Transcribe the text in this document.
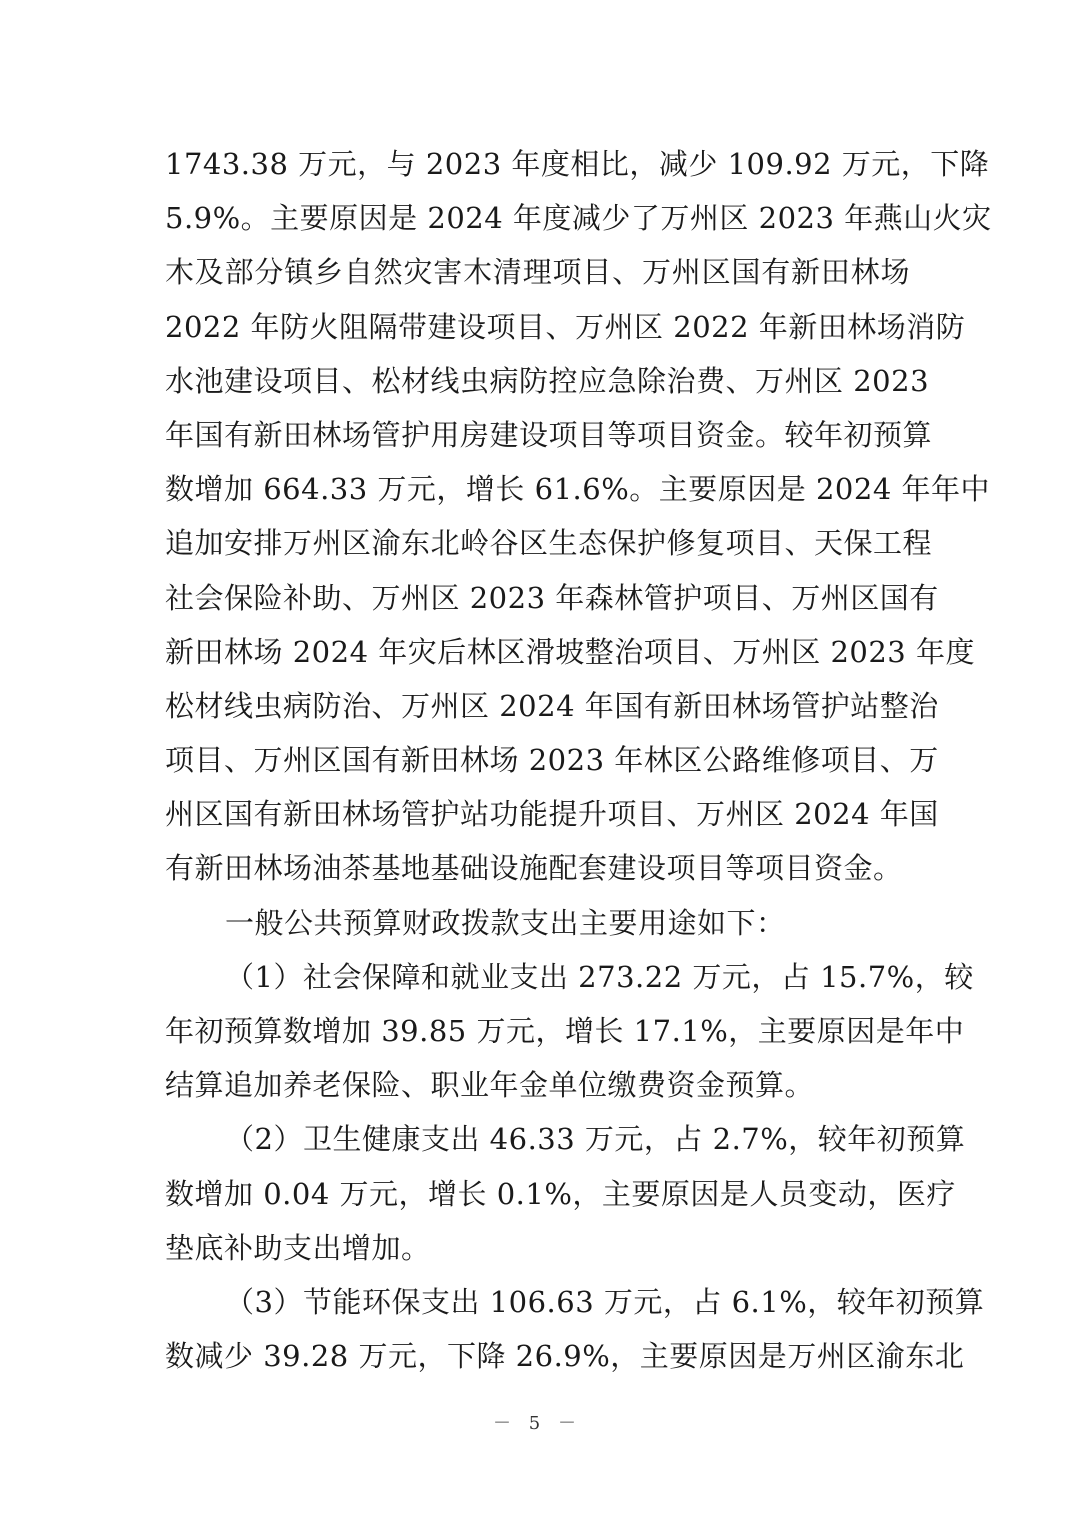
1743.38 万元，与 2023 年度相比，减少 109.92 万元，下降
5.9%。主要原因是 2024 年度减少了万州区 2023 年燕山火灾
木及部分镇乡自然灾害木清理项目、万州区国有新田林场
2022 年防火阻隔带建设项目、万州区 2022 年新田林场消防
水池建设项目、松材线虫病防控应急除治费、万州区 2023
年国有新田林场管护用房建设项目等项目资金。较年初预算
数增加 664.33 万元，增长 61.6%。主要原因是 2024 年年中
追加安排万州区渝东北岭谷区生态保护修复项目、天保工程
社会保险补助、万州区 2023 年森林管护项目、万州区国有
新田林场 2024 年灾后林区滑坡整治项目、万州区 2023 年度
松材线虫病防治、万州区 2024 年国有新田林场管护站整治
项目、万州区国有新田林场 2023 年林区公路维修项目、万
州区国有新田林场管护站功能提升项目、万州区 2024 年国
有新田林场油茶基地基础设施配套建设项目等项目资金。
一般公共预算财政拨款支出主要用途如下：
（1）社会保障和就业支出 273.22 万元，占 15.7%，较
年初预算数增加 39.85 万元，增长 17.1%，主要原因是年中
结算追加养老保险、职业年金单位缴费资金预算。
（2）卫生健康支出 46.33 万元，占 2.7%，较年初预算
数增加 0.04 万元，增长 0.1%，主要原因是人员变动，医疗
垫底补助支出增加。
（3）节能环保支出 106.63 万元，占 6.1%，较年初预算
数减少 39.28 万元，下降 26.9%，主要原因是万州区渝东北
－ 5 －
